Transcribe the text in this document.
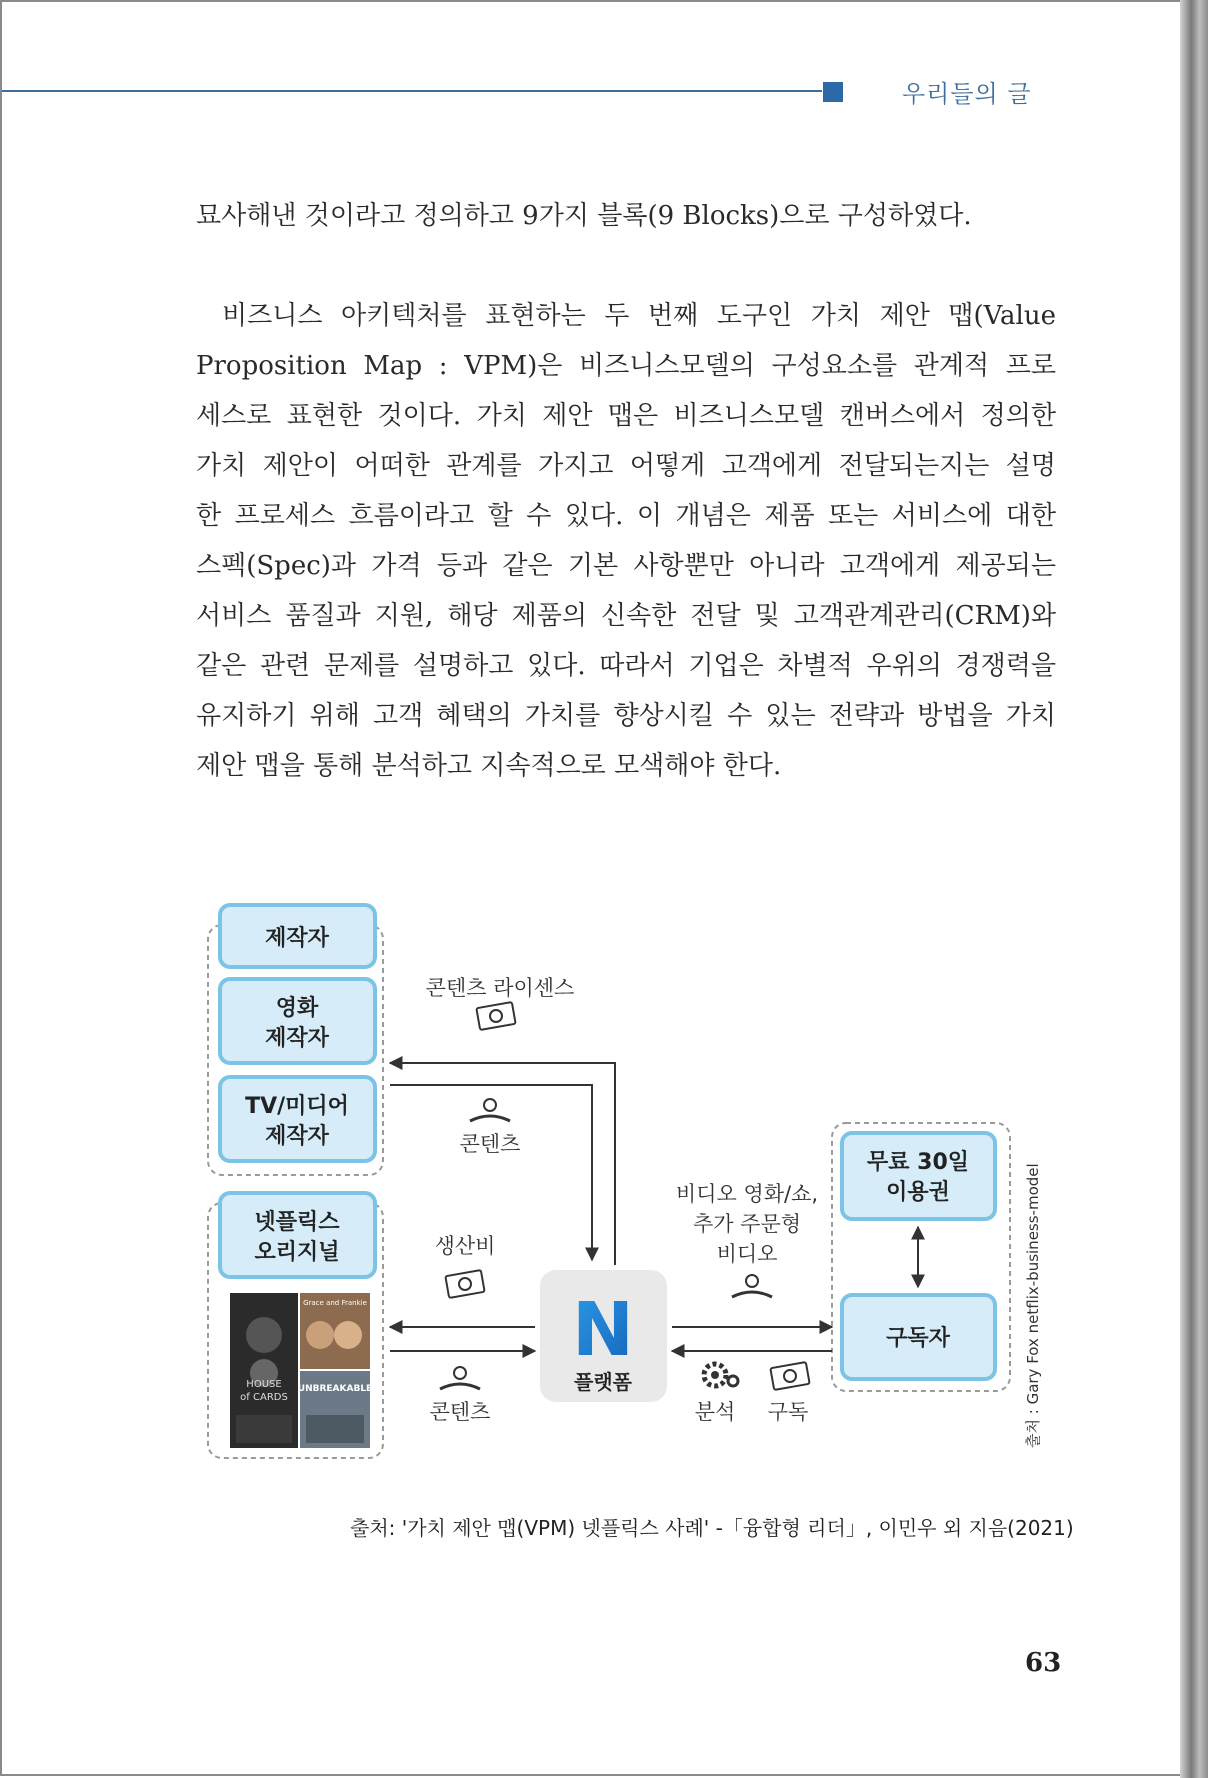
우리들의 글
묘사해낸 것이라고 정의하고 9가지 블록(9 Blocks)으로 구성하였다.
비즈니스 아키텍처를 표현하는 두 번째 도구인 가치 제안 맵(Value
Proposition Map : VPM)은 비즈니스모델의 구성요소를 관계적 프로
세스로 표현한 것이다. 가치 제안 맵은 비즈니스모델 캔버스에서 정의한
가치 제안이 어떠한 관계를 가지고 어떻게 고객에게 전달되는지는 설명
한 프로세스 흐름이라고 할 수 있다. 이 개념은 제품 또는 서비스에 대한
스펙(Spec)과 가격 등과 같은 기본 사항뿐만 아니라 고객에게 제공되는
서비스 품질과 지원, 해당 제품의 신속한 전달 및 고객관계관리(CRM)와
같은 관련 문제를 설명하고 있다. 따라서 기업은 차별적 우위의 경쟁력을
유지하기 위해 고객 혜택의 가치를 향상시킬 수 있는 전략과 방법을 가치
제안 맵을 통해 분석하고 지속적으로 모색해야 한다.
제작자
영화
제작자
TV/미디어
제작자
넷플릭스
오리지널
HOUSE
of CARDS
Grace and Frankie
UNBREAKABLE
콘텐츠 라이센스
콘텐츠
생산비
콘텐츠
N
플랫폼
비디오 영화/쇼,
추가 주문형
비디오
분석 구독
무료 30일
이용권
구독자	출처 : Gary Fox netflix-business-model
출처: '가치 제안 맵(VPM) 넷플릭스 사례' -「융합형 리더」, 이민우 외 지음(2021)
63
